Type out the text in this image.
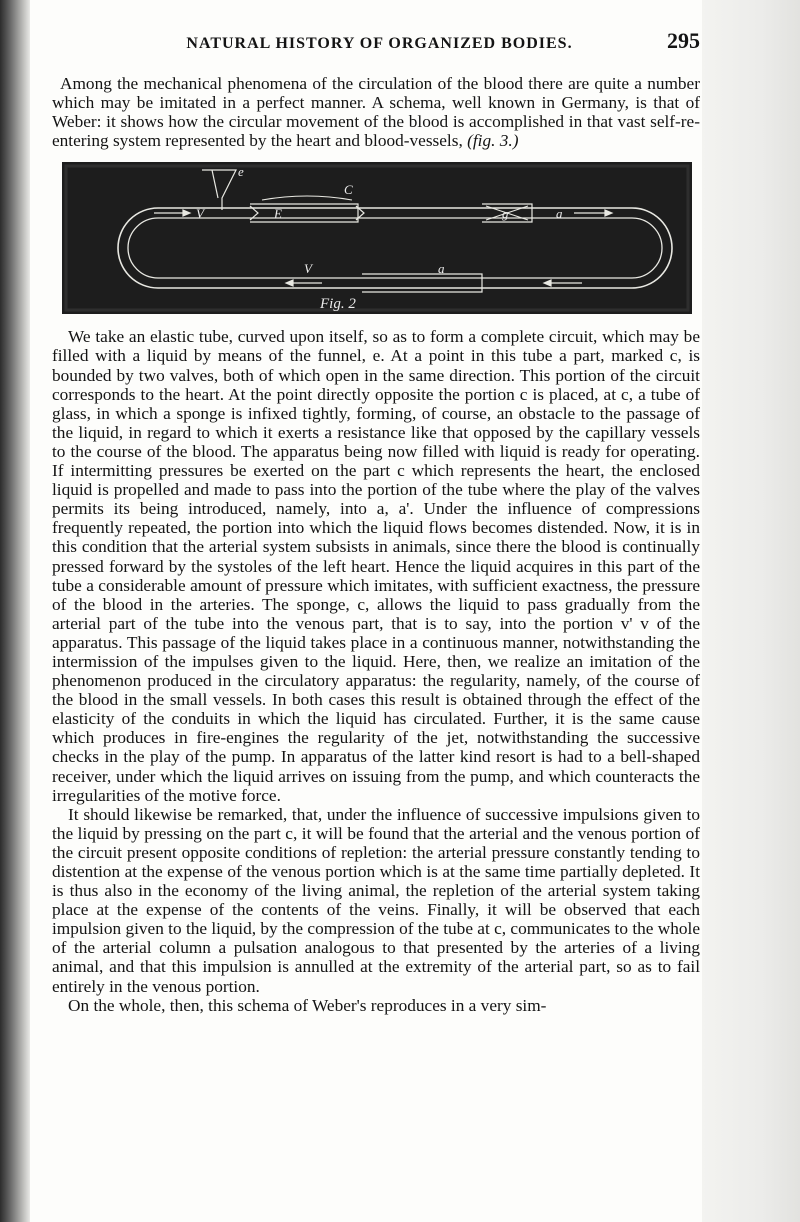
NATURAL HISTORY OF ORGANIZED BODIES.	295

Among the mechanical phenomena of the circulation of the blood there are quite a number which may be imitated in a perfect manner. A schema, well known in Germany, is that of Weber: it shows how the circular movement of the blood is accomplished in that vast self-re-entering system represented by the heart and blood-vessels, (fig. 3.)

C
e
V	E	g	a
V	a
Fig. 2

We take an elastic tube, curved upon itself, so as to form a complete circuit, which may be filled with a liquid by means of the funnel, e. At a point in this tube a part, marked c, is bounded by two valves, both of which open in the same direction. This portion of the circuit corresponds to the heart. At the point directly opposite the portion c is placed, at c, a tube of glass, in which a sponge is infixed tightly, forming, of course, an obstacle to the passage of the liquid, in regard to which it exerts a resistance like that opposed by the capillary vessels to the course of the blood. The apparatus being now filled with liquid is ready for operating. If intermitting pressures be exerted on the part c which represents the heart, the enclosed liquid is propelled and made to pass into the portion of the tube where the play of the valves permits its being introduced, namely, into a, a'. Under the influence of compressions frequently repeated, the portion into which the liquid flows becomes distended. Now, it is in this condition that the arterial system subsists in animals, since there the blood is continually pressed forward by the systoles of the left heart. Hence the liquid acquires in this part of the tube a considerable amount of pressure which imitates, with sufficient exactness, the pressure of the blood in the arteries. The sponge, c, allows the liquid to pass gradually from the arterial part of the tube into the venous part, that is to say, into the portion v' v of the apparatus. This passage of the liquid takes place in a continuous manner, notwithstanding the intermission of the impulses given to the liquid. Here, then, we realize an imitation of the phenomenon produced in the circulatory apparatus: the regularity, namely, of the course of the blood in the small vessels. In both cases this result is obtained through the effect of the elasticity of the conduits in which the liquid has circulated. Further, it is the same cause which produces in fire-engines the regularity of the jet, notwithstanding the successive checks in the play of the pump. In apparatus of the latter kind resort is had to a bell-shaped receiver, under which the liquid arrives on issuing from the pump, and which counteracts the irregularities of the motive force.

It should likewise be remarked, that, under the influence of successive impulsions given to the liquid by pressing on the part c, it will be found that the arterial and the venous portion of the circuit present opposite conditions of repletion: the arterial pressure constantly tending to distention at the expense of the venous portion which is at the same time partially depleted. It is thus also in the economy of the living animal, the repletion of the arterial system taking place at the expense of the contents of the veins. Finally, it will be observed that each impulsion given to the liquid, by the compression of the tube at c, communicates to the whole of the arterial column a pulsation analogous to that presented by the arteries of a living animal, and that this impulsion is annulled at the extremity of the arterial part, so as to fail entirely in the venous portion.

On the whole, then, this schema of Weber's reproduces in a very sim-
